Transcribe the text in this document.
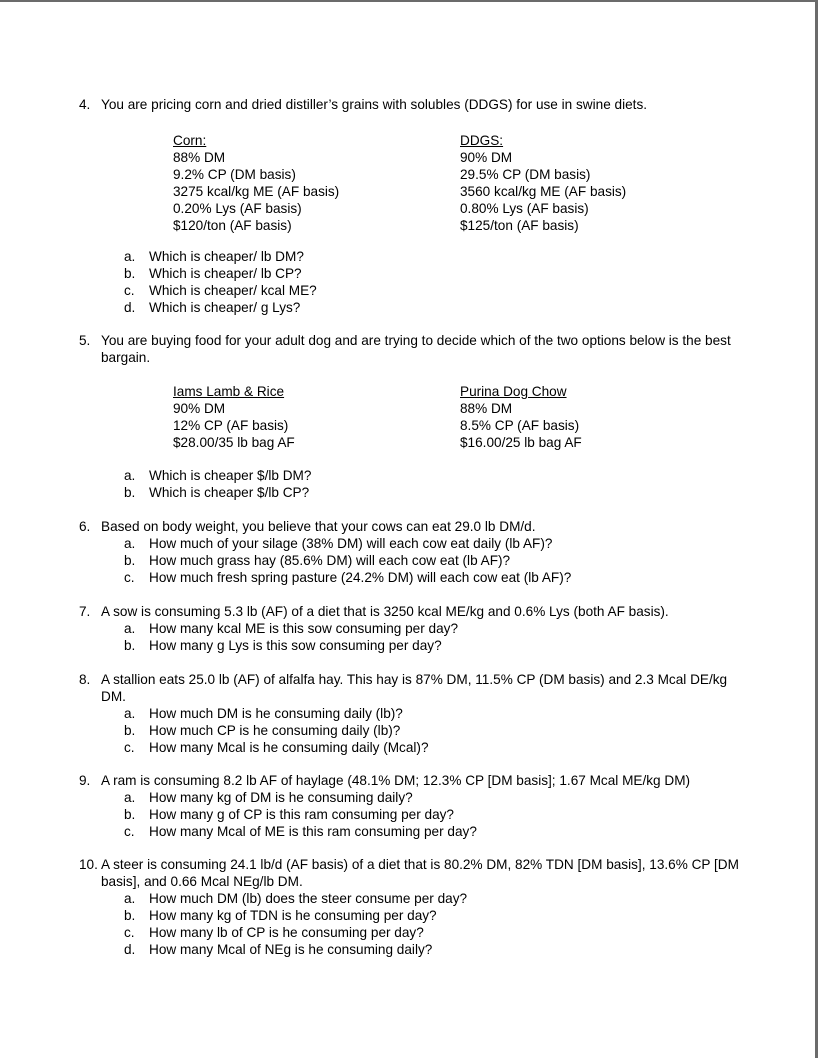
4. You are pricing corn and dried distiller’s grains with solubles (DDGS) for use in swine diets.
Corn:
88% DM
9.2% CP (DM basis)
3275 kcal/kg ME (AF basis)
0.20% Lys (AF basis)
$120/ton (AF basis)
DDGS:
90% DM
29.5% CP (DM basis)
3560 kcal/kg ME (AF basis)
0.80% Lys (AF basis)
$125/ton (AF basis)
a. Which is cheaper/ lb DM?
b. Which is cheaper/ lb CP?
c. Which is cheaper/ kcal ME?
d. Which is cheaper/ g Lys?
5. You are buying food for your adult dog and are trying to decide which of the two options below is the best bargain.
Iams Lamb & Rice
90% DM
12% CP (AF basis)
$28.00/35 lb bag AF
Purina Dog Chow
88% DM
8.5% CP (AF basis)
$16.00/25 lb bag AF
a. Which is cheaper $/lb DM?
b. Which is cheaper $/lb CP?
6. Based on body weight, you believe that your cows can eat 29.0 lb DM/d.
a. How much of your silage (38% DM) will each cow eat daily (lb AF)?
b. How much grass hay (85.6% DM) will each cow eat (lb AF)?
c. How much fresh spring pasture (24.2% DM) will each cow eat (lb AF)?
7. A sow is consuming 5.3 lb (AF) of a diet that is 3250 kcal ME/kg and 0.6% Lys (both AF basis).
a. How many kcal ME is this sow consuming per day?
b. How many g Lys is this sow consuming per day?
8. A stallion eats 25.0 lb (AF) of alfalfa hay. This hay is 87% DM, 11.5% CP (DM basis) and 2.3 Mcal DE/kg DM.
a. How much DM is he consuming daily (lb)?
b. How much CP is he consuming daily (lb)?
c. How many Mcal is he consuming daily (Mcal)?
9. A ram is consuming 8.2 lb AF of haylage (48.1% DM; 12.3% CP [DM basis]; 1.67 Mcal ME/kg DM)
a. How many kg of DM is he consuming daily?
b. How many g of CP is this ram consuming per day?
c. How many Mcal of ME is this ram consuming per day?
10. A steer is consuming 24.1 lb/d (AF basis) of a diet that is 80.2% DM, 82% TDN [DM basis], 13.6% CP [DM basis], and 0.66 Mcal NEg/lb DM.
a. How much DM (lb) does the steer consume per day?
b. How many kg of TDN is he consuming per day?
c. How many lb of CP is he consuming per day?
d. How many Mcal of NEg is he consuming daily?
